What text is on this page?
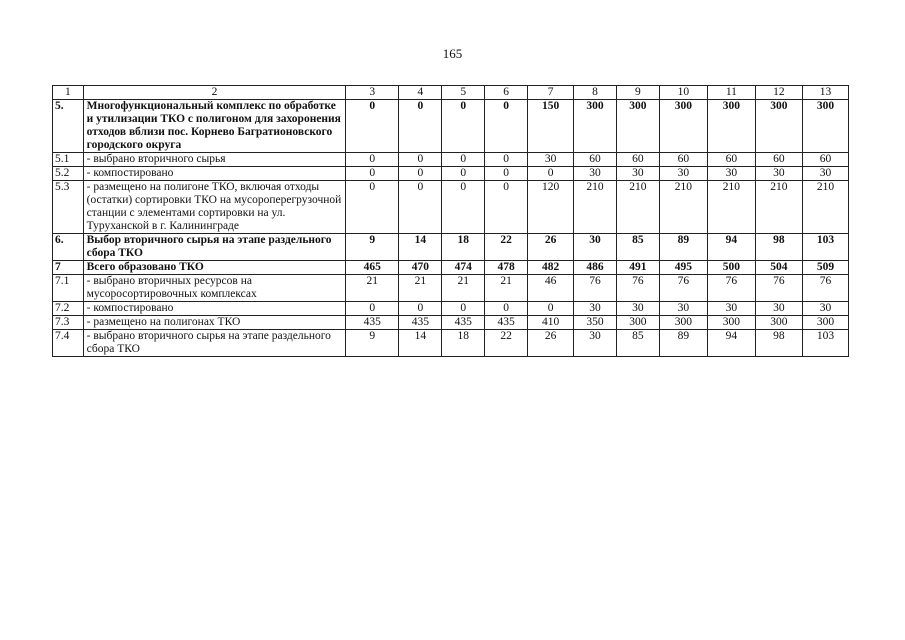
165
1	2	3	4	5	6	7	8	9	10	11	12	13
5.	Многофункциональный комплекс по обработке и утилизации ТКО с полигоном для захоронения отходов вблизи пос. Корнево Багратионовского городского округа	0	0	0	0	150	300	300	300	300	300	300
5.1	- выбрано вторичного сырья	0	0	0	0	30	60	60	60	60	60	60
5.2	- компостировано	0	0	0	0	0	30	30	30	30	30	30
5.3	- размещено на полигоне ТКО, включая отходы (остатки) сортировки ТКО на мусороперегрузочной станции с элементами сортировки на ул. Туруханской в г. Калининграде	0	0	0	0	120	210	210	210	210	210	210
6.	Выбор вторичного сырья на этапе раздельного сбора ТКО	9	14	18	22	26	30	85	89	94	98	103
7	Всего образовано ТКО	465	470	474	478	482	486	491	495	500	504	509
7.1	- выбрано вторичных ресурсов на мусоросортировочных комплексах	21	21	21	21	46	76	76	76	76	76	76
7.2	- компостировано	0	0	0	0	0	30	30	30	30	30	30
7.3	- размещено на полигонах ТКО	435	435	435	435	410	350	300	300	300	300	300
7.4	- выбрано вторичного сырья на этапе раздельного сбора ТКО	9	14	18	22	26	30	85	89	94	98	103
